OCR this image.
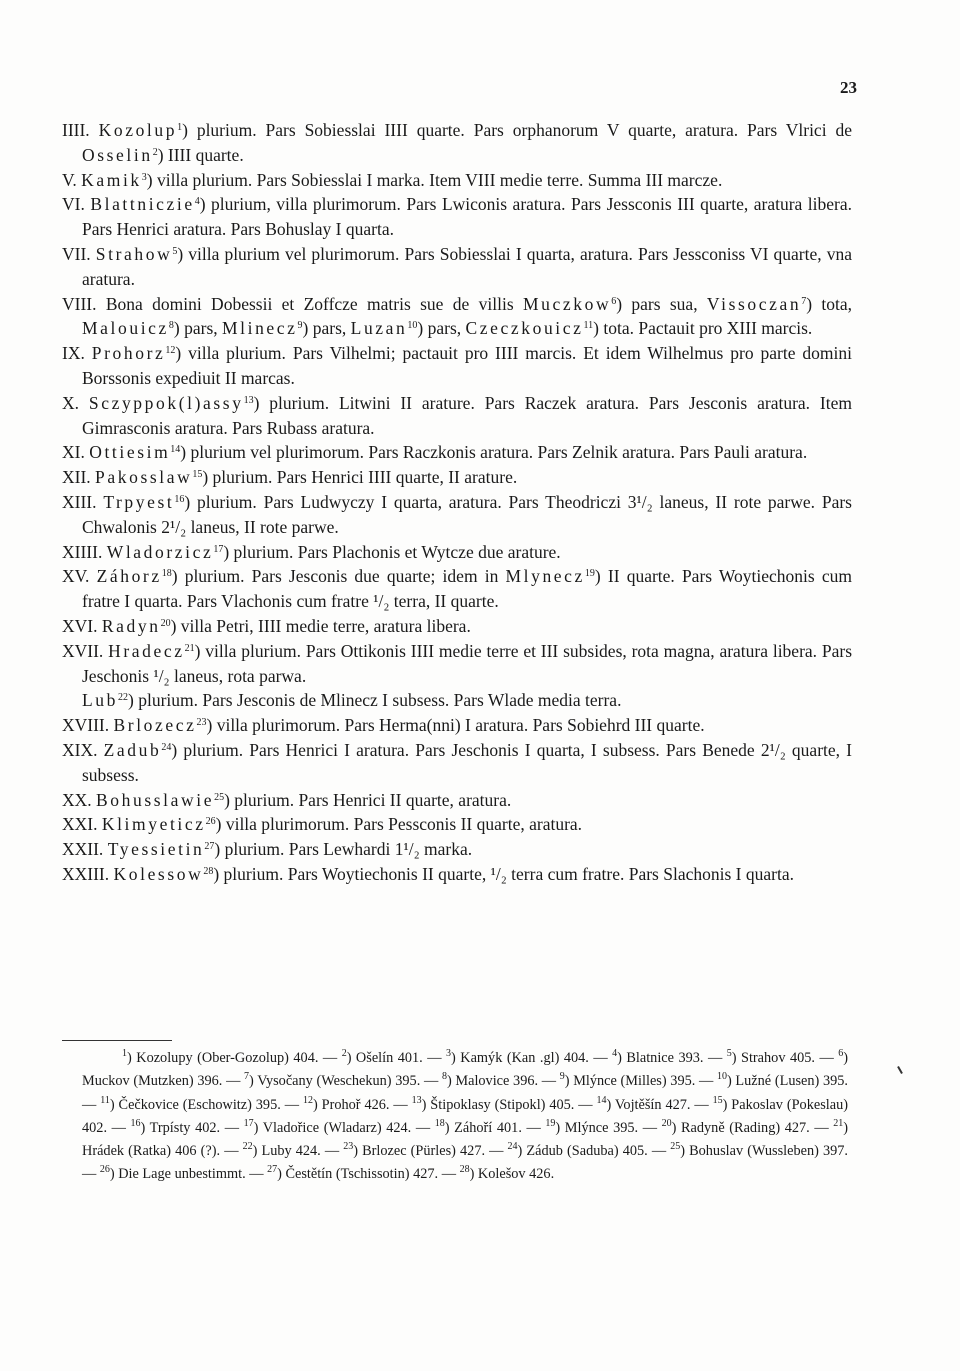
23
IIII. Kozolup$^1$) plurium. Pars Sobiesslai IIII quarte. Pars orphanorum V quarte, aratura. Pars Vlrici de Osselin$^2$) IIII quarte.
V. Kamik$^3$) villa plurium. Pars Sobiesslai I marka. Item VIII medie terre. Summa III marcze.
VI. Blattniczie$^4$) plurium, villa plurimorum. Pars Lwiconis aratura. Pars Jessconis III quarte, aratura libera. Pars Henrici aratura. Pars Bohuslay I quarta.
VII. Strahow$^5$) villa plurium vel plurimorum. Pars Sobiesslai I quarta, aratura. Pars Jessconiss VI quarte, vna aratura.
VIII. Bona domini Dobessii et Zoffcze matris sue de villis Muczkow$^6$) pars sua, Vissoczan$^7$) tota, Malouicz$^8$) pars, Mlinecz$^9$) pars, Luzan$^{10}$) pars, Czeczkouicz$^{11}$) tota. Pactauit pro XIII marcis.
IX. Prohorz$^{12}$) villa plurium. Pars Vilhelmi; pactauit pro IIII marcis. Et idem Wilhelmus pro parte domini Borssonis expediuit II marcas.
X. Sczyppok(l)assy$^{13}$) plurium. Litwini II arature. Pars Raczek aratura. Pars Jesconis aratura. Item Gimrasconis aratura. Pars Rubass aratura.
XI. Ottiesim$^{14}$) plurium vel plurimorum. Pars Raczkonis aratura. Pars Zelnik aratura. Pars Pauli aratura.
XII. Pakosslaw$^{15}$) plurium. Pars Henrici IIII quarte, II arature.
XIII. Trpyest$^{16}$) plurium. Pars Ludwyczy I quarta, aratura. Pars Theodriczi 3¹/₂ laneus, II rote parwe. Pars Chwalonis 2¹/₂ laneus, II rote parwe.
XIIII. Wladorzicz$^{17}$) plurium. Pars Plachonis et Wytcze due arature.
XV. Záhorz$^{18}$) plurium. Pars Jesconis due quarte; idem in Mlynecz$^{19}$) II quarte. Pars Woytiechonis cum fratre I quarta. Pars Vlachonis cum fratre ¹/₂ terra, II quarte.
XVI. Radyn$^{20}$) villa Petri, IIII medie terre, aratura libera.
XVII. Hradecz$^{21}$) villa plurium. Pars Ottikonis IIII medie terre et III subsides, rota magna, aratura libera. Pars Jeschonis ¹/₂ laneus, rota parwa.
Lub$^{22}$) plurium. Pars Jesconis de Mlinecz I subsess. Pars Wlade media terra.
XVIII. Brlozecz$^{23}$) villa plurimorum. Pars Herma(nni) I aratura. Pars Sobiehrd III quarte.
XIX. Zadub$^{24}$) plurium. Pars Henrici I aratura. Pars Jeschonis I quarta, I subsess. Pars Benede 2¹/₂ quarte, I subsess.
XX. Bohusslawie$^{25}$) plurium. Pars Henrici II quarte, aratura.
XXI. Klimyeticz$^{26}$) villa plurimorum. Pars Pessconis II quarte, aratura.
XXII. Tyessietin$^{27}$) plurium. Pars Lewhardi 1¹/₂ marka.
XXIII. Kolessow$^{28}$) plurium. Pars Woytiechonis II quarte, ¹/₂ terra cum fratre. Pars Slachonis I quarta.
$^1$) Kozolupy (Ober-Gozolup) 404. — $^2$) Ošelín 401. — $^3$) Kamýk (Kan .gl) 404. — $^4$) Blatnice 393. — $^5$) Strahov 405. — $^6$) Muckov (Mutzken) 396. — $^7$) Vysočany (Weschekun) 395. — $^8$) Malovice 396. — $^9$) Mlýnce (Milles) 395. — $^{10}$) Lužné (Lusen) 395. — $^{11}$) Čečkovice (Eschowitz) 395. — $^{12}$) Prohoř 426. — $^{13}$) Štipoklasy (Stipokl) 405. — $^{14}$) Vojtěšín 427. — $^{15}$) Pakoslav (Pokeslau) 402. — $^{16}$) Trpísty 402. — $^{17}$) Vladořice (Wladarz) 424. — $^{18}$) Záhoří 401. — $^{19}$) Mlýnce 395. — $^{20}$) Radyně (Rading) 427. — $^{21}$) Hrádek (Ratka) 406 (?). — $^{22}$) Luby 424. — $^{23}$) Brlozec (Pürles) 427. — $^{24}$) Zádub (Saduba) 405. — $^{25}$) Bohuslav (Wussleben) 397. — $^{26}$) Die Lage unbestimmt. — $^{27}$) Čestětín (Tschissotin) 427. — $^{28}$) Kolešov 426.
